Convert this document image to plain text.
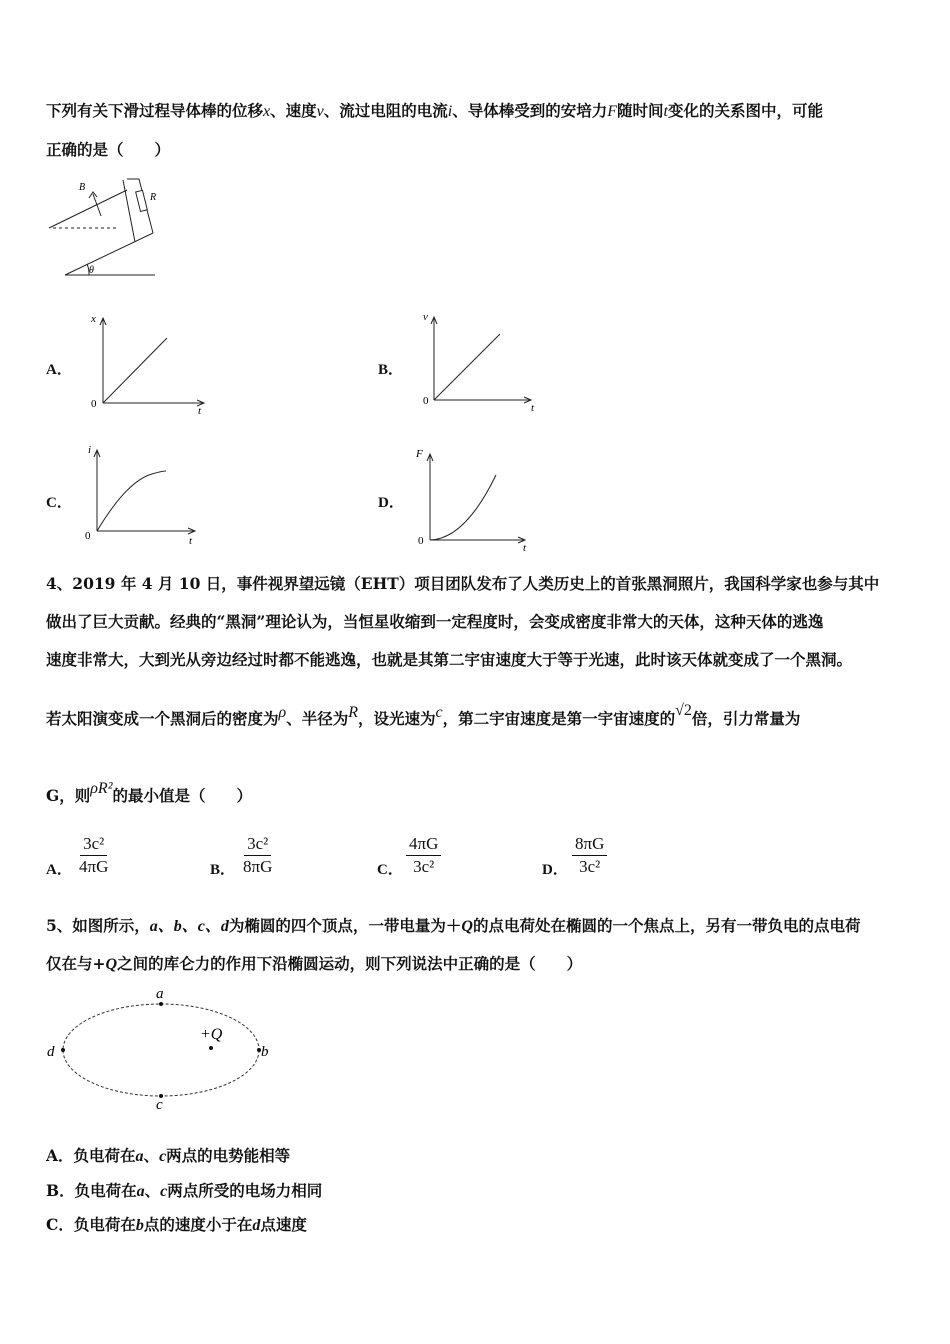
下列有关下滑过程导体棒的位移x、速度v、流过电阻的电流i、导体棒受到的安培力F随时间t变化的关系图中，可能
正确的是（　　）
B
R
θ
A．
x
t
0
B．
v
t
0
C．
i
t
0
D．
F
t
0
4、2019 年 4 月 10 日，事件视界望远镜（EHT）项目团队发布了人类历史上的首张黑洞照片，我国科学家也参与其中
做出了巨大贡献。经典的“黑洞”理论认为，当恒星收缩到一定程度时，会变成密度非常大的天体，这种天体的逃逸
速度非常大，大到光从旁边经过时都不能逃逸，也就是其第二宇宙速度大于等于光速，此时该天体就变成了一个黑洞。
若太阳演变成一个黑洞后的密度为ρ、半径为R，设光速为c，第二宇宙速度是第一宇宙速度的√2倍，引力常量为
G，则ρR²的最小值是（　　）
A． $\frac{\text{3c²}}{4\pi G}$	B． $\frac{\text{3c²}}{8\pi G}$	C． $\frac{4\pi G}{\text{3c²}}$	D． $\frac{8\pi G}{\text{3c²}}$
5、如图所示，a、b、c、d为椭圆的四个顶点，一带电量为＋Q的点电荷处在椭圆的一个焦点上，另有一带负电的点电荷
仅在与+Q之间的库仑力的作用下沿椭圆运动，则下列说法中正确的是（　　）
a
b
c
d
+Q
A．负电荷在a、c两点的电势能相等
B．负电荷在a、c两点所受的电场力相同
C．负电荷在b点的速度小于在d点速度
